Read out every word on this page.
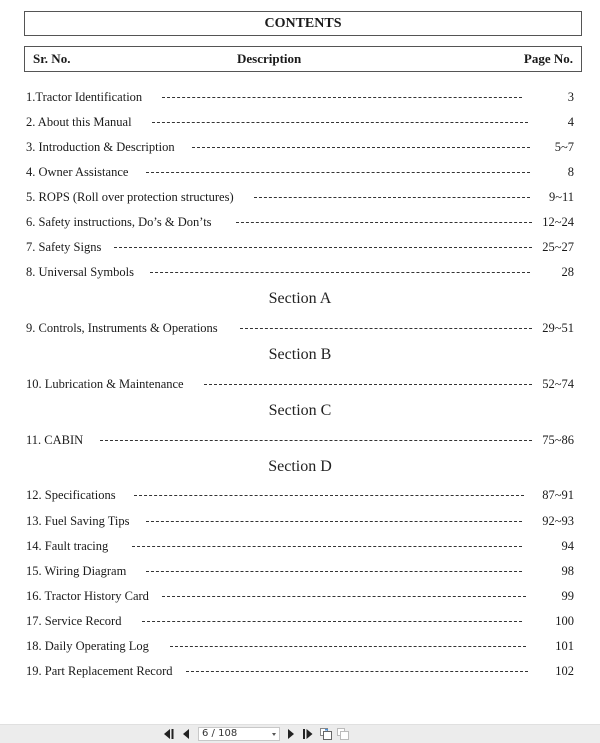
CONTENTS
Sr. No.	Description	Page No.
1.Tractor Identification	3
2. About this Manual	4
3. Introduction & Description	5~7
4. Owner Assistance	8
5. ROPS (Roll over protection structures)	9~11
6. Safety instructions, Do’s & Don’ts	12~24
7. Safety Signs	25~27
8. Universal Symbols	28
Section A
9. Controls, Instruments & Operations	29~51
Section B
10. Lubrication & Maintenance	52~74
Section C
11. CABIN	75~86
Section D
12. Specifications	87~91
13. Fuel Saving Tips	92~93
14. Fault tracing	94
15. Wiring Diagram	98
16. Tractor History Card	99
17. Service Record	100
18. Daily Operating Log	101
19. Part Replacement Record	102
6 / 108
